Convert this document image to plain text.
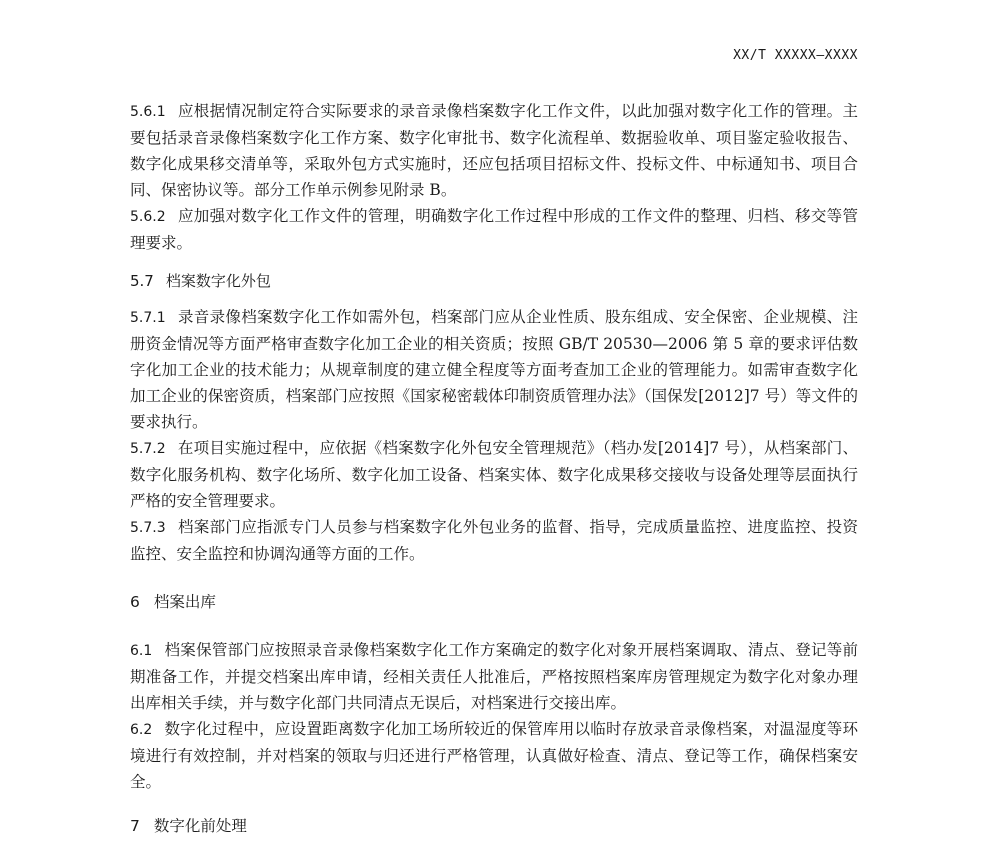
XX/T XXXXX—XXXX

5.6.1 应根据情况制定符合实际要求的录音录像档案数字化工作文件，以此加强对数字化工作的管理。主要包括录音录像档案数字化工作方案、数字化审批书、数字化流程单、数据验收单、项目鉴定验收报告、数字化成果移交清单等，采取外包方式实施时，还应包括项目招标文件、投标文件、中标通知书、项目合同、保密协议等。部分工作单示例参见附录 B。

5.6.2 应加强对数字化工作文件的管理，明确数字化工作过程中形成的工作文件的整理、归档、移交等管理要求。

5.7 档案数字化外包

5.7.1 录音录像档案数字化工作如需外包，档案部门应从企业性质、股东组成、安全保密、企业规模、注册资金情况等方面严格审查数字化加工企业的相关资质；按照 GB/T 20530—2006 第 5 章的要求评估数字化加工企业的技术能力；从规章制度的建立健全程度等方面考查加工企业的管理能力。如需审查数字化加工企业的保密资质，档案部门应按照《国家秘密载体印制资质管理办法》（国保发[2012]7 号）等文件的要求执行。

5.7.2 在项目实施过程中，应依据《档案数字化外包安全管理规范》（档办发[2014]7 号），从档案部门、数字化服务机构、数字化场所、数字化加工设备、档案实体、数字化成果移交接收与设备处理等层面执行严格的安全管理要求。

5.7.3 档案部门应指派专门人员参与档案数字化外包业务的监督、指导，完成质量监控、进度监控、投资监控、安全监控和协调沟通等方面的工作。

6 档案出库

6.1 档案保管部门应按照录音录像档案数字化工作方案确定的数字化对象开展档案调取、清点、登记等前期准备工作，并提交档案出库申请，经相关责任人批准后，严格按照档案库房管理规定为数字化对象办理出库相关手续，并与数字化部门共同清点无误后，对档案进行交接出库。

6.2 数字化过程中，应设置距离数字化加工场所较近的保管库用以临时存放录音录像档案，对温湿度等环境进行有效控制，并对档案的领取与归还进行严格管理，认真做好检查、清点、登记等工作，确保档案安全。

7 数字化前处理
